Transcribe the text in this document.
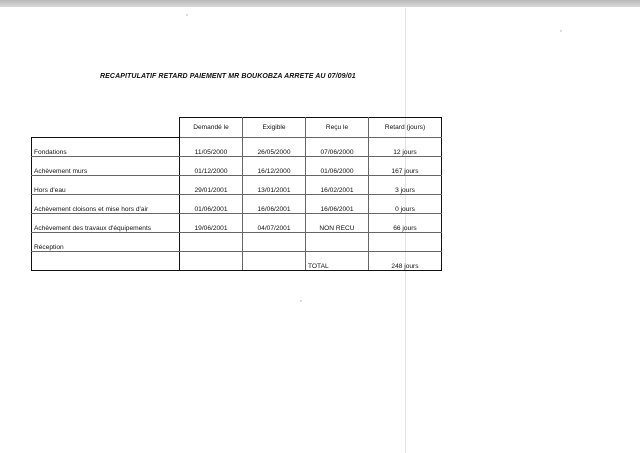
RECAPITULATIF RETARD PAIEMENT MR BOUKOBZA ARRETE AU 07/09/01
	Demandé le	Exigible	Reçu le	Retard (jours)
Fondations	11/05/2000	26/05/2000	07/06/2000	12 jours
Achèvement murs	01/12/2000	16/12/2000	01/06/2000	167 jours
Hors d'eau	29/01/2001	13/01/2001	16/02/2001	3 jours
Achèvement cloisons et mise hors d'air	01/06/2001	16/06/2001	16/06/2001	0 jours
Achèvement des travaux d'équipements	19/06/2001	04/07/2001	NON RECU	66 jours
Réception				
			TOTAL	248 jours
